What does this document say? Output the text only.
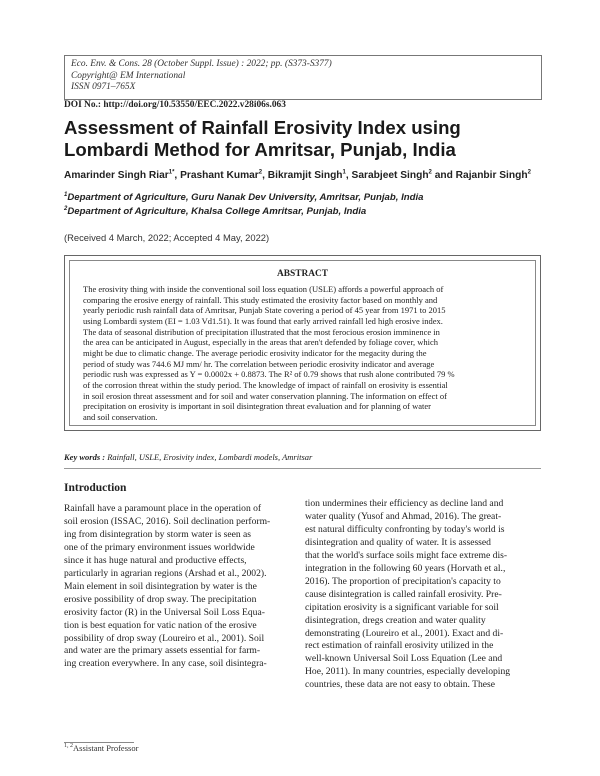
Eco. Env. & Cons. 28 (October Suppl. Issue) : 2022; pp. (S373-S377)
Copyright@ EM International
ISSN 0971–765X
DOI No.: http://doi.org/10.53550/EEC.2022.v28i06s.063
Assessment of Rainfall Erosivity Index using
Lombardi Method for Amritsar, Punjab, India
Amarinder Singh Riar$^{1*}$, Prashant Kumar$^2$, Bikramjit Singh$^1$, Sarabjeet Singh$^2$ and Rajanbir Singh$^2$
$^1$Department of Agriculture, Guru Nanak Dev University, Amritsar, Punjab, India
$^2$Department of Agriculture, Khalsa College Amritsar, Punjab, India
(Received 4 March, 2022; Accepted 4 May, 2022)
ABSTRACT
The erosivity thing with inside the conventional soil loss equation (USLE) affords a powerful approach of
comparing the erosive energy of rainfall. This study estimated the erosivity factor based on monthly and
yearly periodic rush rainfall data of Amritsar, Punjab State covering a period of 45 year from 1971 to 2015
using Lombardi system (EI = 1.03 Vd1.51). It was found that early arrived rainfall led high erosive index.
The data of seasonal distribution of precipitation illustrated that the most ferocious erosion imminence in
the area can be anticipated in August, especially in the areas that aren't defended by foliage cover, which
might be due to climatic change. The average periodic erosivity indicator for the megacity during the
period of study was 744.6 MJ mm/ hr. The correlation between periodic erosivity indicator and average
periodic rush was expressed as Y = 0.0002x + 0.8873. The R² of 0.79 shows that rush alone contributed 79 %
of the corrosion threat within the study period. The knowledge of impact of rainfall on erosivity is essential
in soil erosion threat assessment and for soil and water conservation planning. The information on effect of
precipitation on erosivity is important in soil disintegration threat evaluation and for planning of water
and soil conservation.
Key words : Rainfall, USLE, Erosivity index, Lombardi models, Amritsar
Introduction
Rainfall have a paramount place in the operation of
soil erosion (ISSAC, 2016). Soil declination perform-
ing from disintegration by storm water is seen as
one of the primary environment issues worldwide
since it has huge natural and productive effects,
particularly in agrarian regions (Arshad et al., 2002).
Main element in soil disintegration by water is the
erosive possibility of drop sway. The precipitation
erosivity factor (R) in the Universal Soil Loss Equa-
tion is best equation for vatic nation of the erosive
possibility of drop sway (Loureiro et al., 2001). Soil
and water are the primary assets essential for farm-
ing creation everywhere. In any case, soil disintegra-
tion undermines their efficiency as decline land and
water quality (Yusof and Ahmad, 2016). The great-
est natural difficulty confronting by today's world is
disintegration and quality of water. It is assessed
that the world's surface soils might face extreme dis-
integration in the following 60 years (Horvath et al.,
2016). The proportion of precipitation's capacity to
cause disintegration is called rainfall erosivity. Pre-
cipitation erosivity is a significant variable for soil
disintegration, dregs creation and water quality
demonstrating (Loureiro et al., 2001). Exact and di-
rect estimation of rainfall erosivity utilized in the
well-known Universal Soil Loss Equation (Lee and
Hoe, 2011). In many countries, especially developing
countries, these data are not easy to obtain. These
$^{1, 2}$Assistant Professor
